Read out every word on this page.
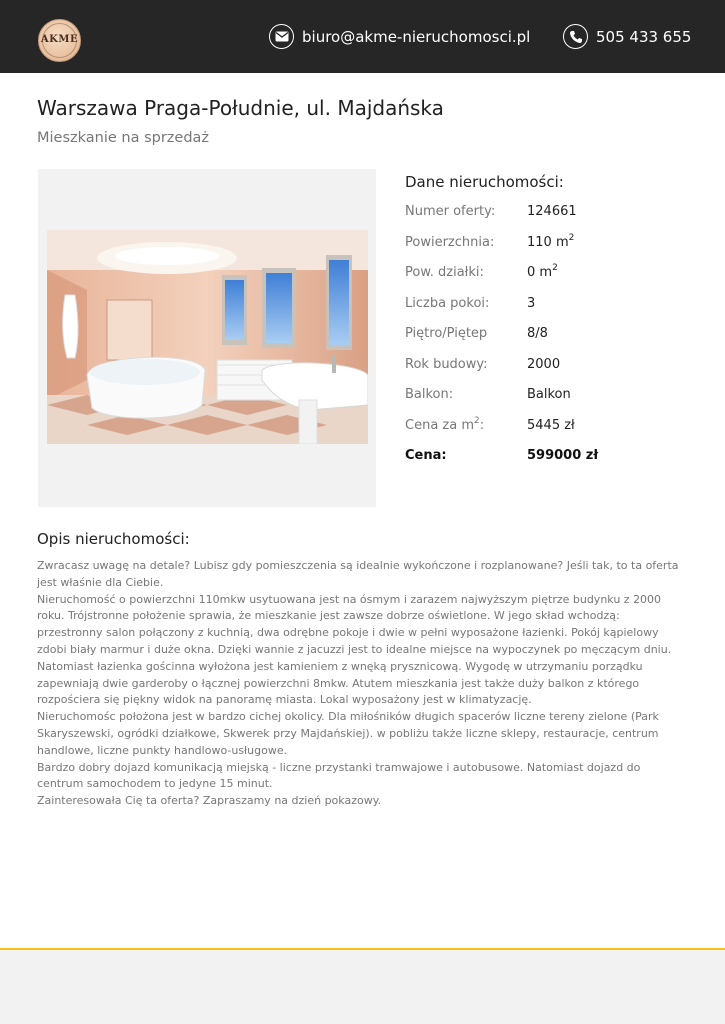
AKME	biuro@akme-nieruchomosci.pl	505 433 655
Warszawa Praga-Południe, ul. Majdańska
Mieszkanie na sprzedaż
Dane nieruchomości:
Numer oferty: 124661
Powierzchnia:	110 $m^2$
Pow. działki:	0 $m^2$
Liczba pokoi:	3
Piętro/Piętер	8/8
Rok budowy:	2000
Balkon:	Balkon
Cena za $m^2$:	5445 zł
Cena:	599000 zł
Opis nieruchomości:

Zwracasz uwagę na detale? Lubisz gdy pomieszczenia są idealnie wykończone i rozplanowane? Jeśli tak, to ta oferta jest właśnie dla Ciebie.

Nieruchomość o powierzchni 110mkw usytuowana jest na ósmym i zarazem najwyższym piętrze budynku z 2000 roku. Trójstronne położenie sprawia, że mieszkanie jest zawsze dobrze oświetlone. W jego skład wchodzą: przestronny salon połączony z kuchnią, dwa odrębne pokoje i dwie w pełni wyposażone łazienki. Pokój kąpielowy zdobi biały marmur i duże okna. Dzięki wannie z jacuzzi jest to idealne miejsce na wypoczynek po męczącym dniu. Natomiast łazienka gościnna wyłożona jest kamieniem z wnęką prysznicową. Wygodę w utrzymaniu porządku zapewniają dwie garderoby o łącznej powierzchni 8mkw. Atutem mieszkania jest także duży balkon z którego rozpościera się piękny widok na panoramę miasta. Lokal wyposażony jest w klimatyzację.

Nieruchomośc położona jest w bardzo cichej okolicy. Dla miłośników długich spacerów liczne tereny zielone (Park Skaryszewski, ogródki działkowe, Skwerek przy Majdańskiej). w pobliżu także liczne sklepy, restauracje, centrum handlowe, liczne punkty handlowo-usługowe.

Bardzo dobry dojazd komunikacją miejską - liczne przystanki tramwajowe i autobusowe. Natomiast dojazd do centrum samochodem to jedyne 15 minut.

Zainteresowała Cię ta oferta? Zapraszamy na dzień pokazowy.
